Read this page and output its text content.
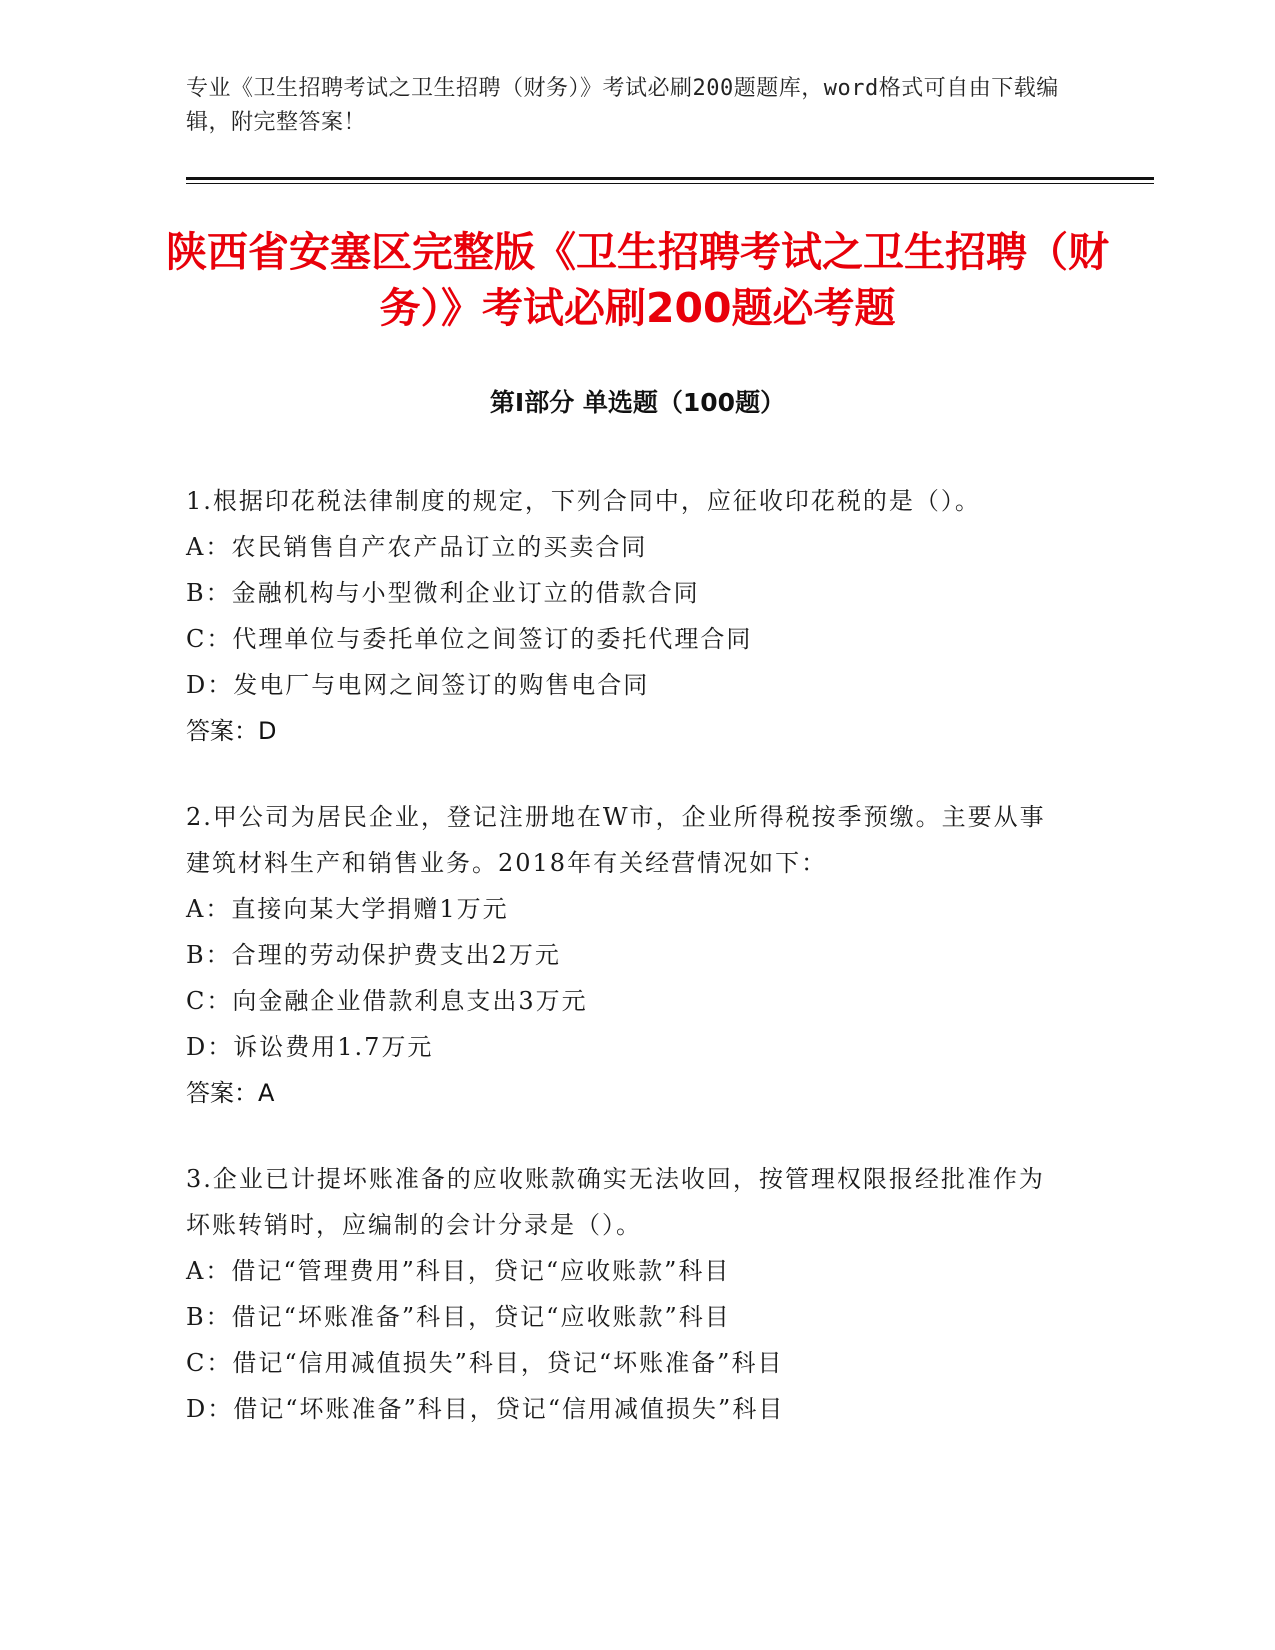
专业《卫生招聘考试之卫生招聘（财务）》考试必刷200题题库，word格式可自由下载编辑，附完整答案！
陕西省安塞区完整版《卫生招聘考试之卫生招聘（财务）》考试必刷200题必考题
第I部分 单选题（100题）

1.根据印花税法律制度的规定，下列合同中，应征收印花税的是（）。

A：农民销售自产农产品订立的买卖合同

B：金融机构与小型微利企业订立的借款合同

C：代理单位与委托单位之间签订的委托代理合同

D：发电厂与电网之间签订的购售电合同

答案：D

2.甲公司为居民企业，登记注册地在W市，企业所得税按季预缴。主要从事建筑材料生产和销售业务。2018年有关经营情况如下：

A：直接向某大学捐赠1万元

B：合理的劳动保护费支出2万元

C：向金融企业借款利息支出3万元

D：诉讼费用1.7万元

答案：A

3.企业已计提坏账准备的应收账款确实无法收回，按管理权限报经批准作为坏账转销时，应编制的会计分录是（）。

A：借记“管理费用”科目，贷记“应收账款”科目

B：借记“坏账准备”科目，贷记“应收账款”科目

C：借记“信用减值损失”科目，贷记“坏账准备”科目

D：借记“坏账准备”科目，贷记“信用减值损失”科目
